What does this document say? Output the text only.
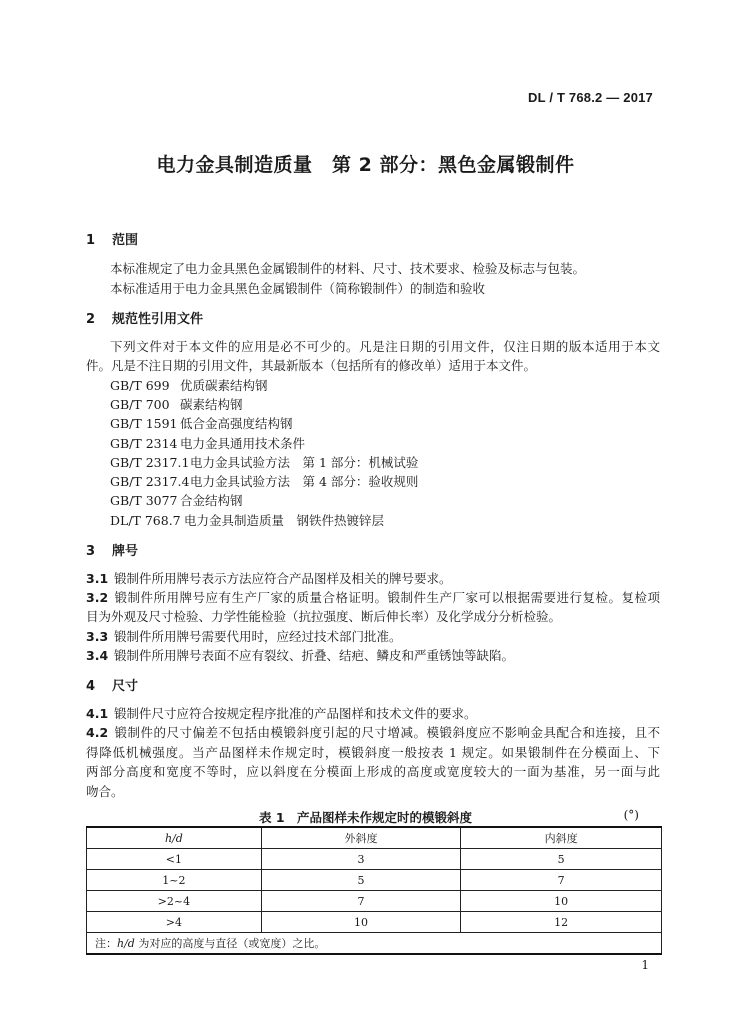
DL / T 768.2 — 2017
电力金具制造质量　第 2 部分：黑色金属锻制件
1 范围
本标准规定了电力金具黑色金属锻制件的材料、尺寸、技术要求、检验及标志与包装。
本标准适用于电力金具黑色金属锻制件（简称锻制件）的制造和验收
2 规范性引用文件
下列文件对于本文件的应用是必不可少的。凡是注日期的引用文件，仅注日期的版本适用于本文
件。凡是不注日期的引用文件，其最新版本（包括所有的修改单）适用于本文件。
GB/T 699 优质碳素结构钢
GB/T 700 碳素结构钢
GB/T 1591 低合金高强度结构钢
GB/T 2314 电力金具通用技术条件
GB/T 2317.1电力金具试验方法　第 1 部分：机械试验
GB/T 2317.4电力金具试验方法　第 4 部分：验收规则
GB/T 3077 合金结构钢
DL/T 768.7 电力金具制造质量　钢铁件热镀锌层
3 牌号
3.1 锻制件所用牌号表示方法应符合产品图样及相关的牌号要求。
3.2 锻制件所用牌号应有生产厂家的质量合格证明。锻制件生产厂家可以根据需要进行复检。复检项
目为外观及尺寸检验、力学性能检验（抗拉强度、断后伸长率）及化学成分分析检验。
3.3 锻制件所用牌号需要代用时，应经过技术部门批准。
3.4 锻制件所用牌号表面不应有裂纹、折叠、结疤、鳞皮和严重锈蚀等缺陷。
4 尺寸
4.1 锻制件尺寸应符合按规定程序批准的产品图样和技术文件的要求。
4.2 锻制件的尺寸偏差不包括由模锻斜度引起的尺寸增减。模锻斜度应不影响金具配合和连接，且不
得降低机械强度。当产品图样未作规定时，模锻斜度一般按表 1 规定。如果锻制件在分模面上、下
两部分高度和宽度不等时，应以斜度在分模面上形成的高度或宽度较大的一面为基准，另一面与此
吻合。
表 1　产品图样未作规定时的模锻斜度	(°)
h/d	外斜度	内斜度
<1	3	5
1~2	5	7
>2~4	7	10
>4	10	12
注：h/d 为对应的高度与直径（或宽度）之比。		
1
